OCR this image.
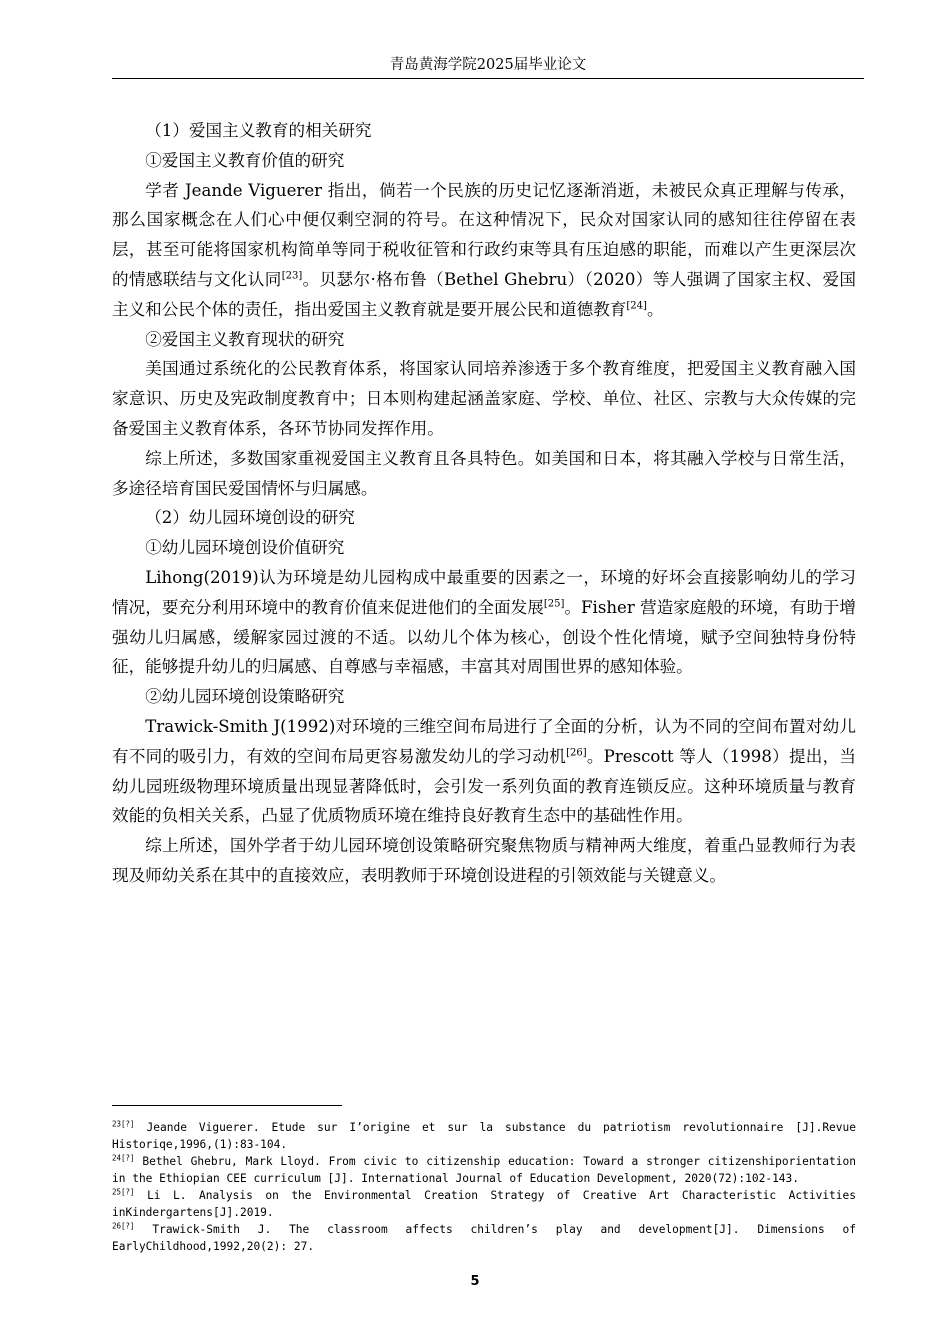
青岛黄海学院2025届毕业论文

（1）爱国主义教育的相关研究

①爱国主义教育价值的研究

学者 Jeande Viguerer 指出，倘若一个民族的历史记忆逐渐消逝，未被民众真正理解与传承，那么国家概念在人们心中便仅剩空洞的符号。在这种情况下，民众对国家认同的感知往往停留在表层，甚至可能将国家机构简单等同于税收征管和行政约束等具有压迫感的职能，而难以产生更深层次的情感联结与文化认同[23]。贝瑟尔·格布鲁（Bethel Ghebru）（2020）等人强调了国家主权、爱国主义和公民个体的责任，指出爱国主义教育就是要开展公民和道德教育[24]。

②爱国主义教育现状的研究

美国通过系统化的公民教育体系，将国家认同培养渗透于多个教育维度，把爱国主义教育融入国家意识、历史及宪政制度教育中；日本则构建起涵盖家庭、学校、单位、社区、宗教与大众传媒的完备爱国主义教育体系，各环节协同发挥作用。

综上所述，多数国家重视爱国主义教育且各具特色。如美国和日本，将其融入学校与日常生活，多途径培育国民爱国情怀与归属感。

（2）幼儿园环境创设的研究

①幼儿园环境创设价值研究

Lihong(2019)认为环境是幼儿园构成中最重要的因素之一，环境的好坏会直接影响幼儿的学习情况，要充分利用环境中的教育价值来促进他们的全面发展[25]。Fisher 营造家庭般的环境，有助于增强幼儿归属感，缓解家园过渡的不适。以幼儿个体为核心，创设个性化情境，赋予空间独特身份特征，能够提升幼儿的归属感、自尊感与幸福感，丰富其对周围世界的感知体验。

②幼儿园环境创设策略研究

Trawick-Smith J(1992)对环境的三维空间布局进行了全面的分析，认为不同的空间布置对幼儿有不同的吸引力，有效的空间布局更容易激发幼儿的学习动机[26]。Prescott 等人（1998）提出，当幼儿园班级物理环境质量出现显著降低时，会引发一系列负面的教育连锁反应。这种环境质量与教育效能的负相关关系，凸显了优质物质环境在维持良好教育生态中的基础性作用。

综上所述，国外学者于幼儿园环境创设策略研究聚焦物质与精神两大维度，着重凸显教师行为表现及师幼关系在其中的直接效应，表明教师于环境创设进程的引领效能与关键意义。

$^{23[?]}$ Jeande Viguerer. Etude sur I’origine et sur la substance du patriotism revolutionnaire [J].Revue Historiqe,1996,(1):83-104.

$^{24[?]}$ Bethel Ghebru, Mark Lloyd. From civic to citizenship education: Toward a stronger citizenshiporientation in the Ethiopian CEE curriculum [J]. International Journal of Education Development, 2020(72):102-143.

$^{25[?]}$ Li L. Analysis on the Environmental Creation Strategy of Creative Art Characteristic Activities inKindergartens[J].2019.

$^{26[?]}$ Trawick-Smith J. The classroom affects children’s play and development[J]. Dimensions of EarlyChildhood,1992,20(2): 27.

5
